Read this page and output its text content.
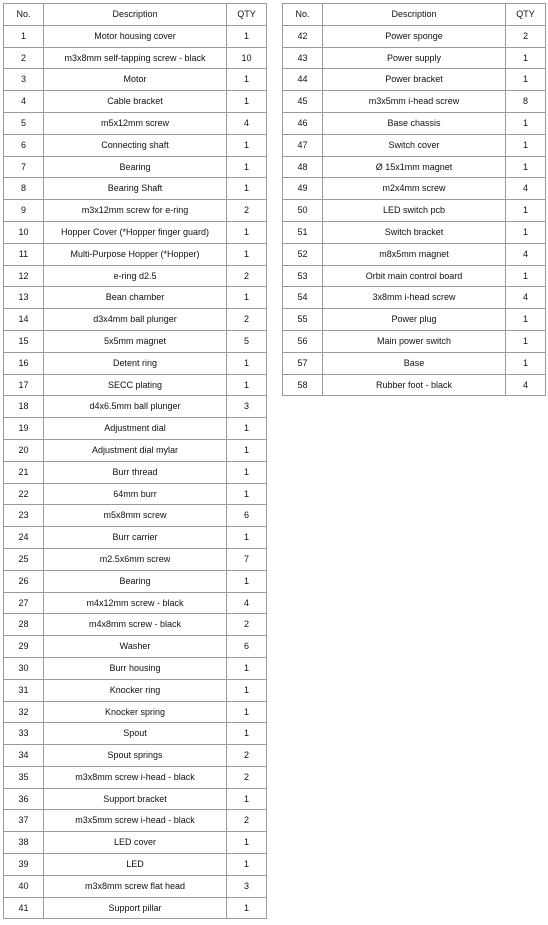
No.	Description	QTY
1	Motor housing cover	1
2	m3x8mm self-tapping screw - black	10
3	Motor	1
4	Cable bracket	1
5	m5x12mm screw	4
6	Connecting shaft	1
7	Bearing	1
8	Bearing Shaft	1
9	m3x12mm screw for e-ring	2
10	Hopper Cover (*Hopper finger guard)	1
11	Multi-Purpose Hopper (*Hopper)	1
12	e-ring d2.5	2
13	Bean chamber	1
14	d3x4mm ball plunger	2
15	5x5mm magnet	5
16	Detent ring	1
17	SECC plating	1
18	d4x6.5mm ball plunger	3
19	Adjustment dial	1
20	Adjustment dial mylar	1
21	Burr thread	1
22	64mm burr	1
23	m5x8mm screw	6
24	Burr carrier	1
25	m2.5x6mm screw	7
26	Bearing	1
27	m4x12mm screw - black	4
28	m4x8mm screw - black	2
29	Washer	6
30	Burr housing	1
31	Knocker ring	1
32	Knocker spring	1
33	Spout	1
34	Spout springs	2
35	m3x8mm screw i-head - black	2
36	Support bracket	1
37	m3x5mm screw i-head - black	2
38	LED cover	1
39	LED	1
40	m3x8mm screw flat head	3
41	Support pillar	1
No.	Description	QTY
42	Power sponge	2
43	Power supply	1
44	Power bracket	1
45	m3x5mm i-head screw	8
46	Base chassis	1
47	Switch cover	1
48	Ø 15x1mm magnet	1
49	m2x4mm screw	4
50	LED switch pcb	1
51	Switch bracket	1
52	m8x5mm magnet	4
53	Orbit main control board	1
54	3x8mm i-head screw	4
55	Power plug	1
56	Main power switch	1
57	Base	1
58	Rubber foot - black	4
